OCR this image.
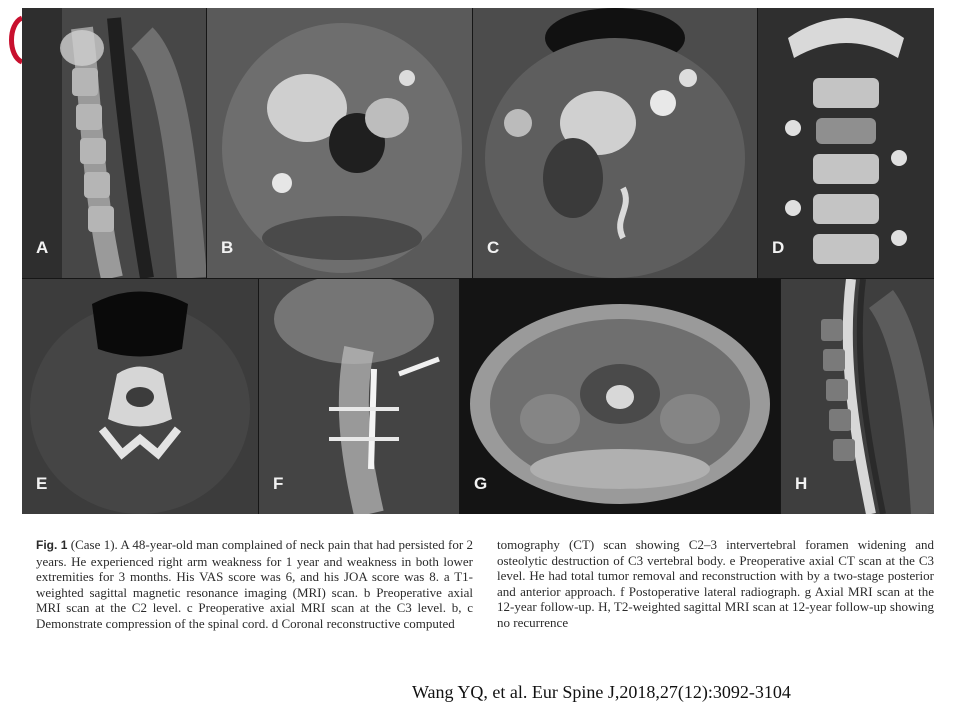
A	B	C	D
E	F	G	H
Fig. 1 (Case 1). A 48-year-old man complained of neck pain that had persisted for 2 years. He experienced right arm weakness for 1 year and weakness in both lower extremities for 3 months. His VAS score was 6, and his JOA score was 8. a T1-weighted sagittal magnetic resonance imaging (MRI) scan. b Preoperative axial MRI scan at the C2 level. c Preoperative axial MRI scan at the C3 level. b, c Demonstrate compression of the spinal cord. d Coronal reconstructive computed
tomography (CT) scan showing C2–3 intervertebral foramen widening and osteolytic destruction of C3 vertebral body. e Preoperative axial CT scan at the C3 level. He had total tumor removal and reconstruction with by a two-stage posterior and anterior approach. f Postoperative lateral radiograph. g Axial MRI scan at the 12-year follow-up. H, T2-weighted sagittal MRI scan at 12-year follow-up showing no recurrence
Wang YQ, et al. Eur Spine J,2018,27(12):3092-3104
